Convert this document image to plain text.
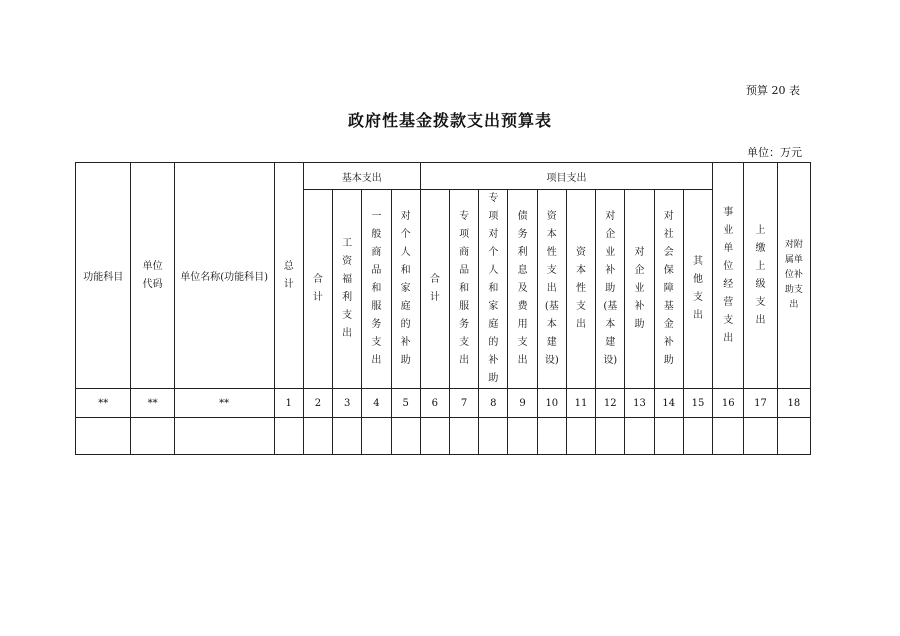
预算 20 表
政府性基金拨款支出预算表
单位：万元
功能科目	单位代码	单位名称(功能科目)	总计	基本支出				项目支出										事业单位经营支出	上缴上级支出	对附属单位补助支出
				合计	工资福利支出	一般商品和服务支出	对个人和家庭的补助	合计	专项商品和服务支出	专项对个人和家庭的补助	债务利息及费用支出	资本性支出(基本建设)	资本性支出	对企业补助(基本建设)	对企业补助	对社会保障基金补助	其他支出			
**	**	**	1	2	3	4	5	6	7	8	9	10	11	12	13	14	15	16	17	18
